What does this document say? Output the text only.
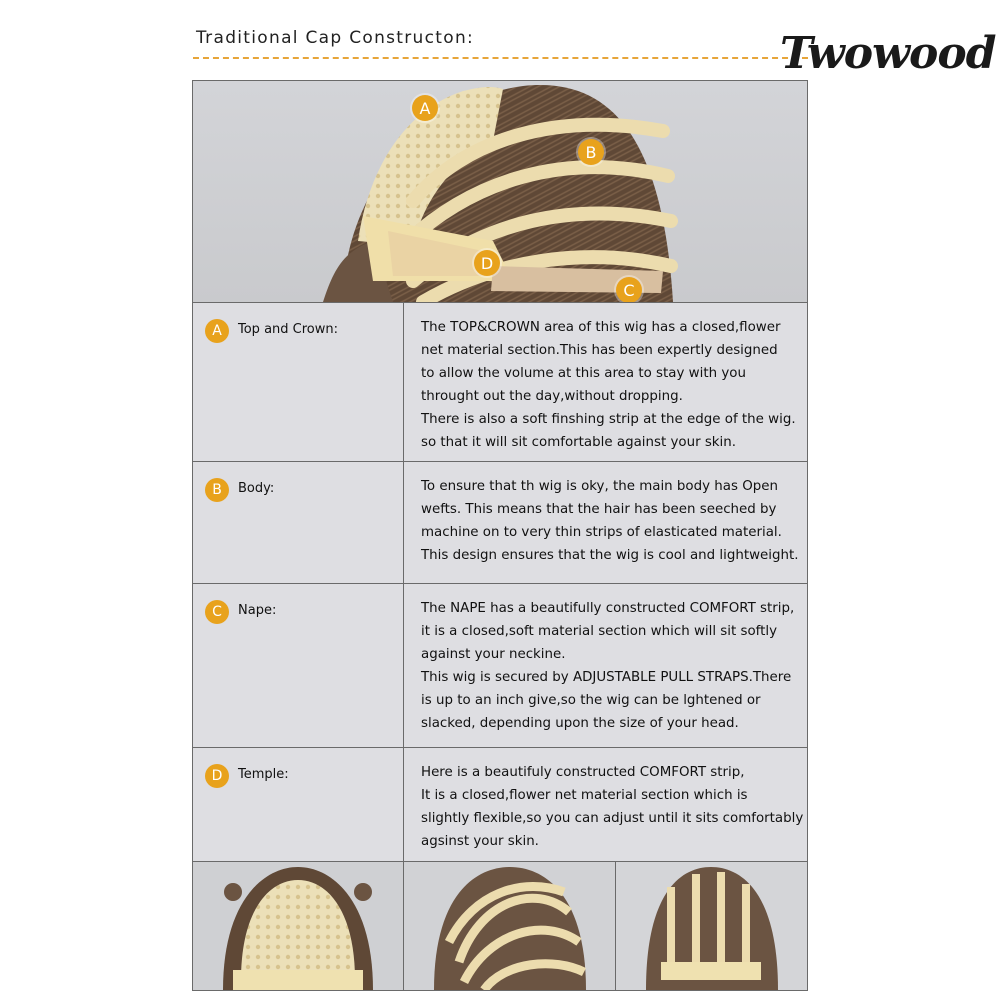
Traditional Cap Constructon:	Twowood
A
B
D
C
A	Top and Crown:	The TOP&CROWN area of this wig has a closed,flower
net material section.This has been expertly designed
to allow the volume at this area to stay with you
throught out the day,without dropping.
There is also a soft finshing strip at the edge of the wig.
so that it will sit comfortable against your skin.
B	Body:	To ensure that th wig is oky, the main body has Open
wefts. This means that the hair has been seeched by
machine on to very thin strips of elasticated material.
This design ensures that the wig is cool and lightweight.
C	Nape:	The NAPE has a beautifully constructed COMFORT strip,
it is a closed,soft material section which will sit softly
against your neckine.
This wig is secured by ADJUSTABLE PULL STRAPS.There
is up to an inch give,so the wig can be lghtened or
slacked, depending upon the size of your head.
D	Temple:	Here is a beautifuly constructed COMFORT strip,
It is a closed,flower net material section which is
slightly flexible,so you can adjust until it sits comfortably
agsinst your skin.
